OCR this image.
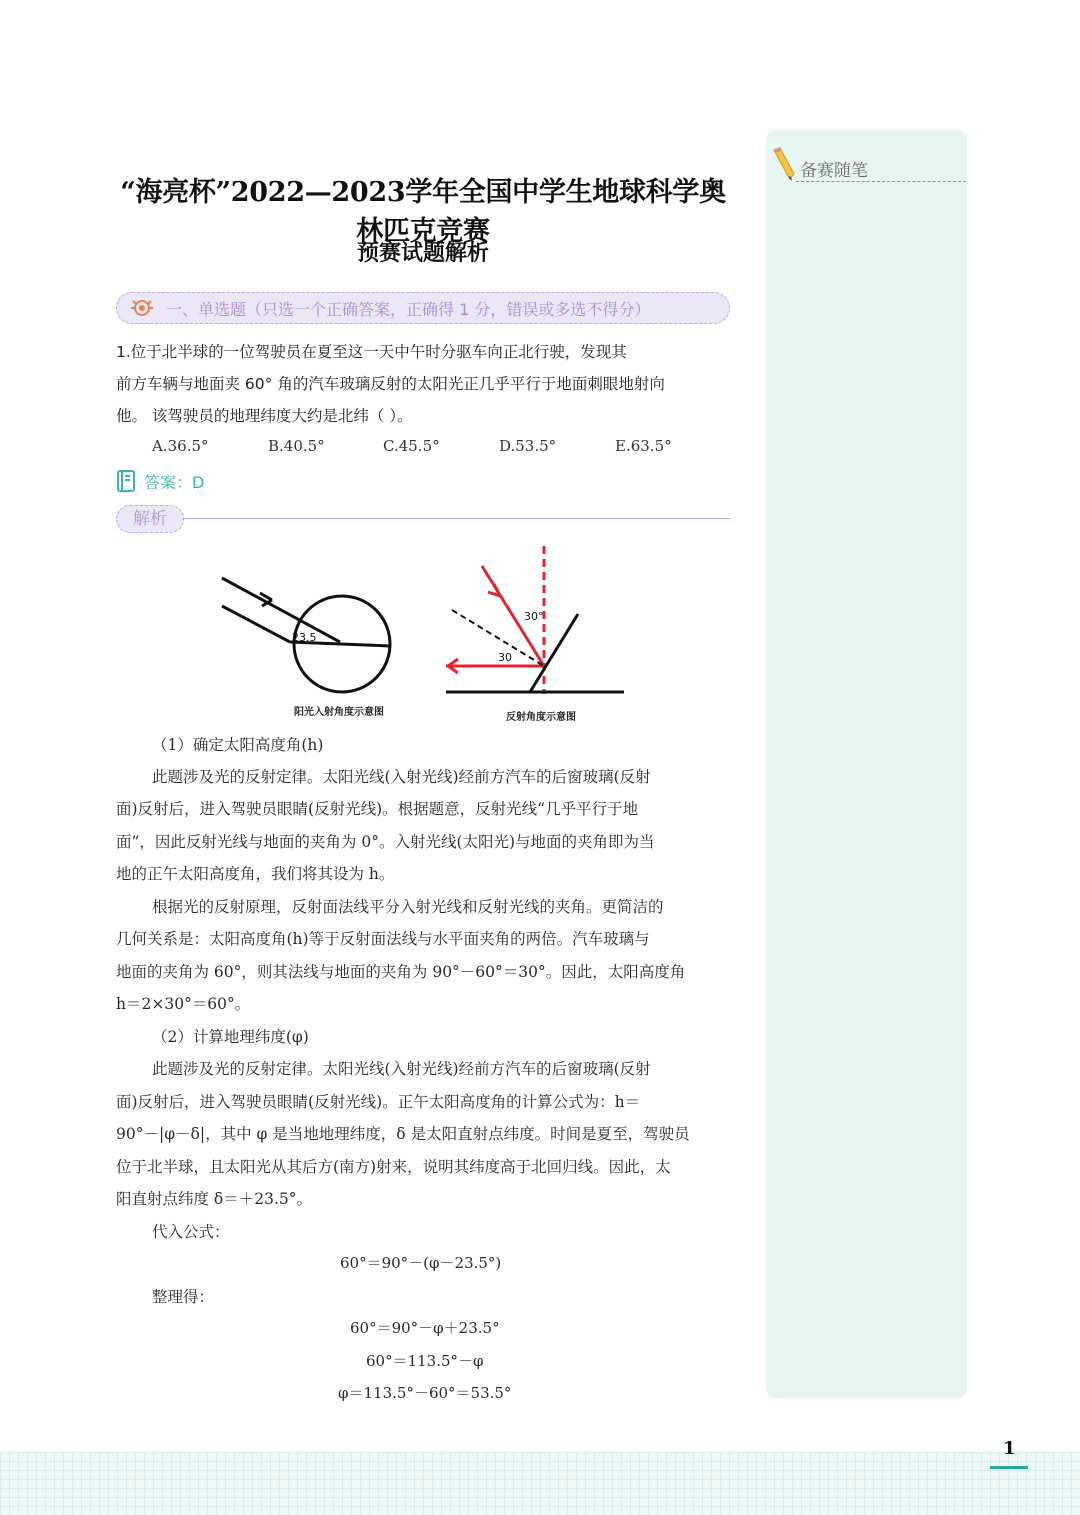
备赛随笔
“海亮杯”2022—2023学年全国中学生地球科学奥林匹克竞赛
预赛试题解析
一、单选题（只选一个正确答案，正确得 1 分，错误或多选不得分）
1.位于北半球的一位驾驶员在夏至这一天中午时分驱车向正北行驶，发现其
前方车辆与地面夹 60° 角的汽车玻璃反射的太阳光正几乎平行于地面刺眼地射向
他。 该驾驶员的地理纬度大约是北纬（ ）。
A.36.5°	B.40.5°	C.45.5°	D.53.5°	E.63.5°
答案：D
解析
23.5
阳光入射角度示意图
30°
30
反射角度示意图
（1）确定太阳高度角(h)
此题涉及光的反射定律。太阳光线(入射光线)经前方汽车的后窗玻璃(反射
面)反射后，进入驾驶员眼睛(反射光线)。根据题意，反射光线“几乎平行于地
面”，因此反射光线与地面的夹角为 0°。入射光线(太阳光)与地面的夹角即为当
地的正午太阳高度角，我们将其设为 h。
根据光的反射原理，反射面法线平分入射光线和反射光线的夹角。更简洁的
几何关系是：太阳高度角(h)等于反射面法线与水平面夹角的两倍。汽车玻璃与
地面的夹角为 60°，则其法线与地面的夹角为 90°－60°＝30°。因此，太阳高度角
h＝2×30°＝60°。
（2）计算地理纬度(φ)
此题涉及光的反射定律。太阳光线(入射光线)经前方汽车的后窗玻璃(反射
面)反射后，进入驾驶员眼睛(反射光线)。正午太阳高度角的计算公式为：h＝
90°－|φ－δ|，其中 φ 是当地地理纬度，δ 是太阳直射点纬度。时间是夏至，驾驶员
位于北半球，且太阳光从其后方(南方)射来，说明其纬度高于北回归线。因此，太
阳直射点纬度 δ＝＋23.5°。
代入公式：
60°＝90°－(φ－23.5°)
整理得：
60°＝90°－φ＋23.5°
60°＝113.5°－φ
φ＝113.5°－60°＝53.5°
1
